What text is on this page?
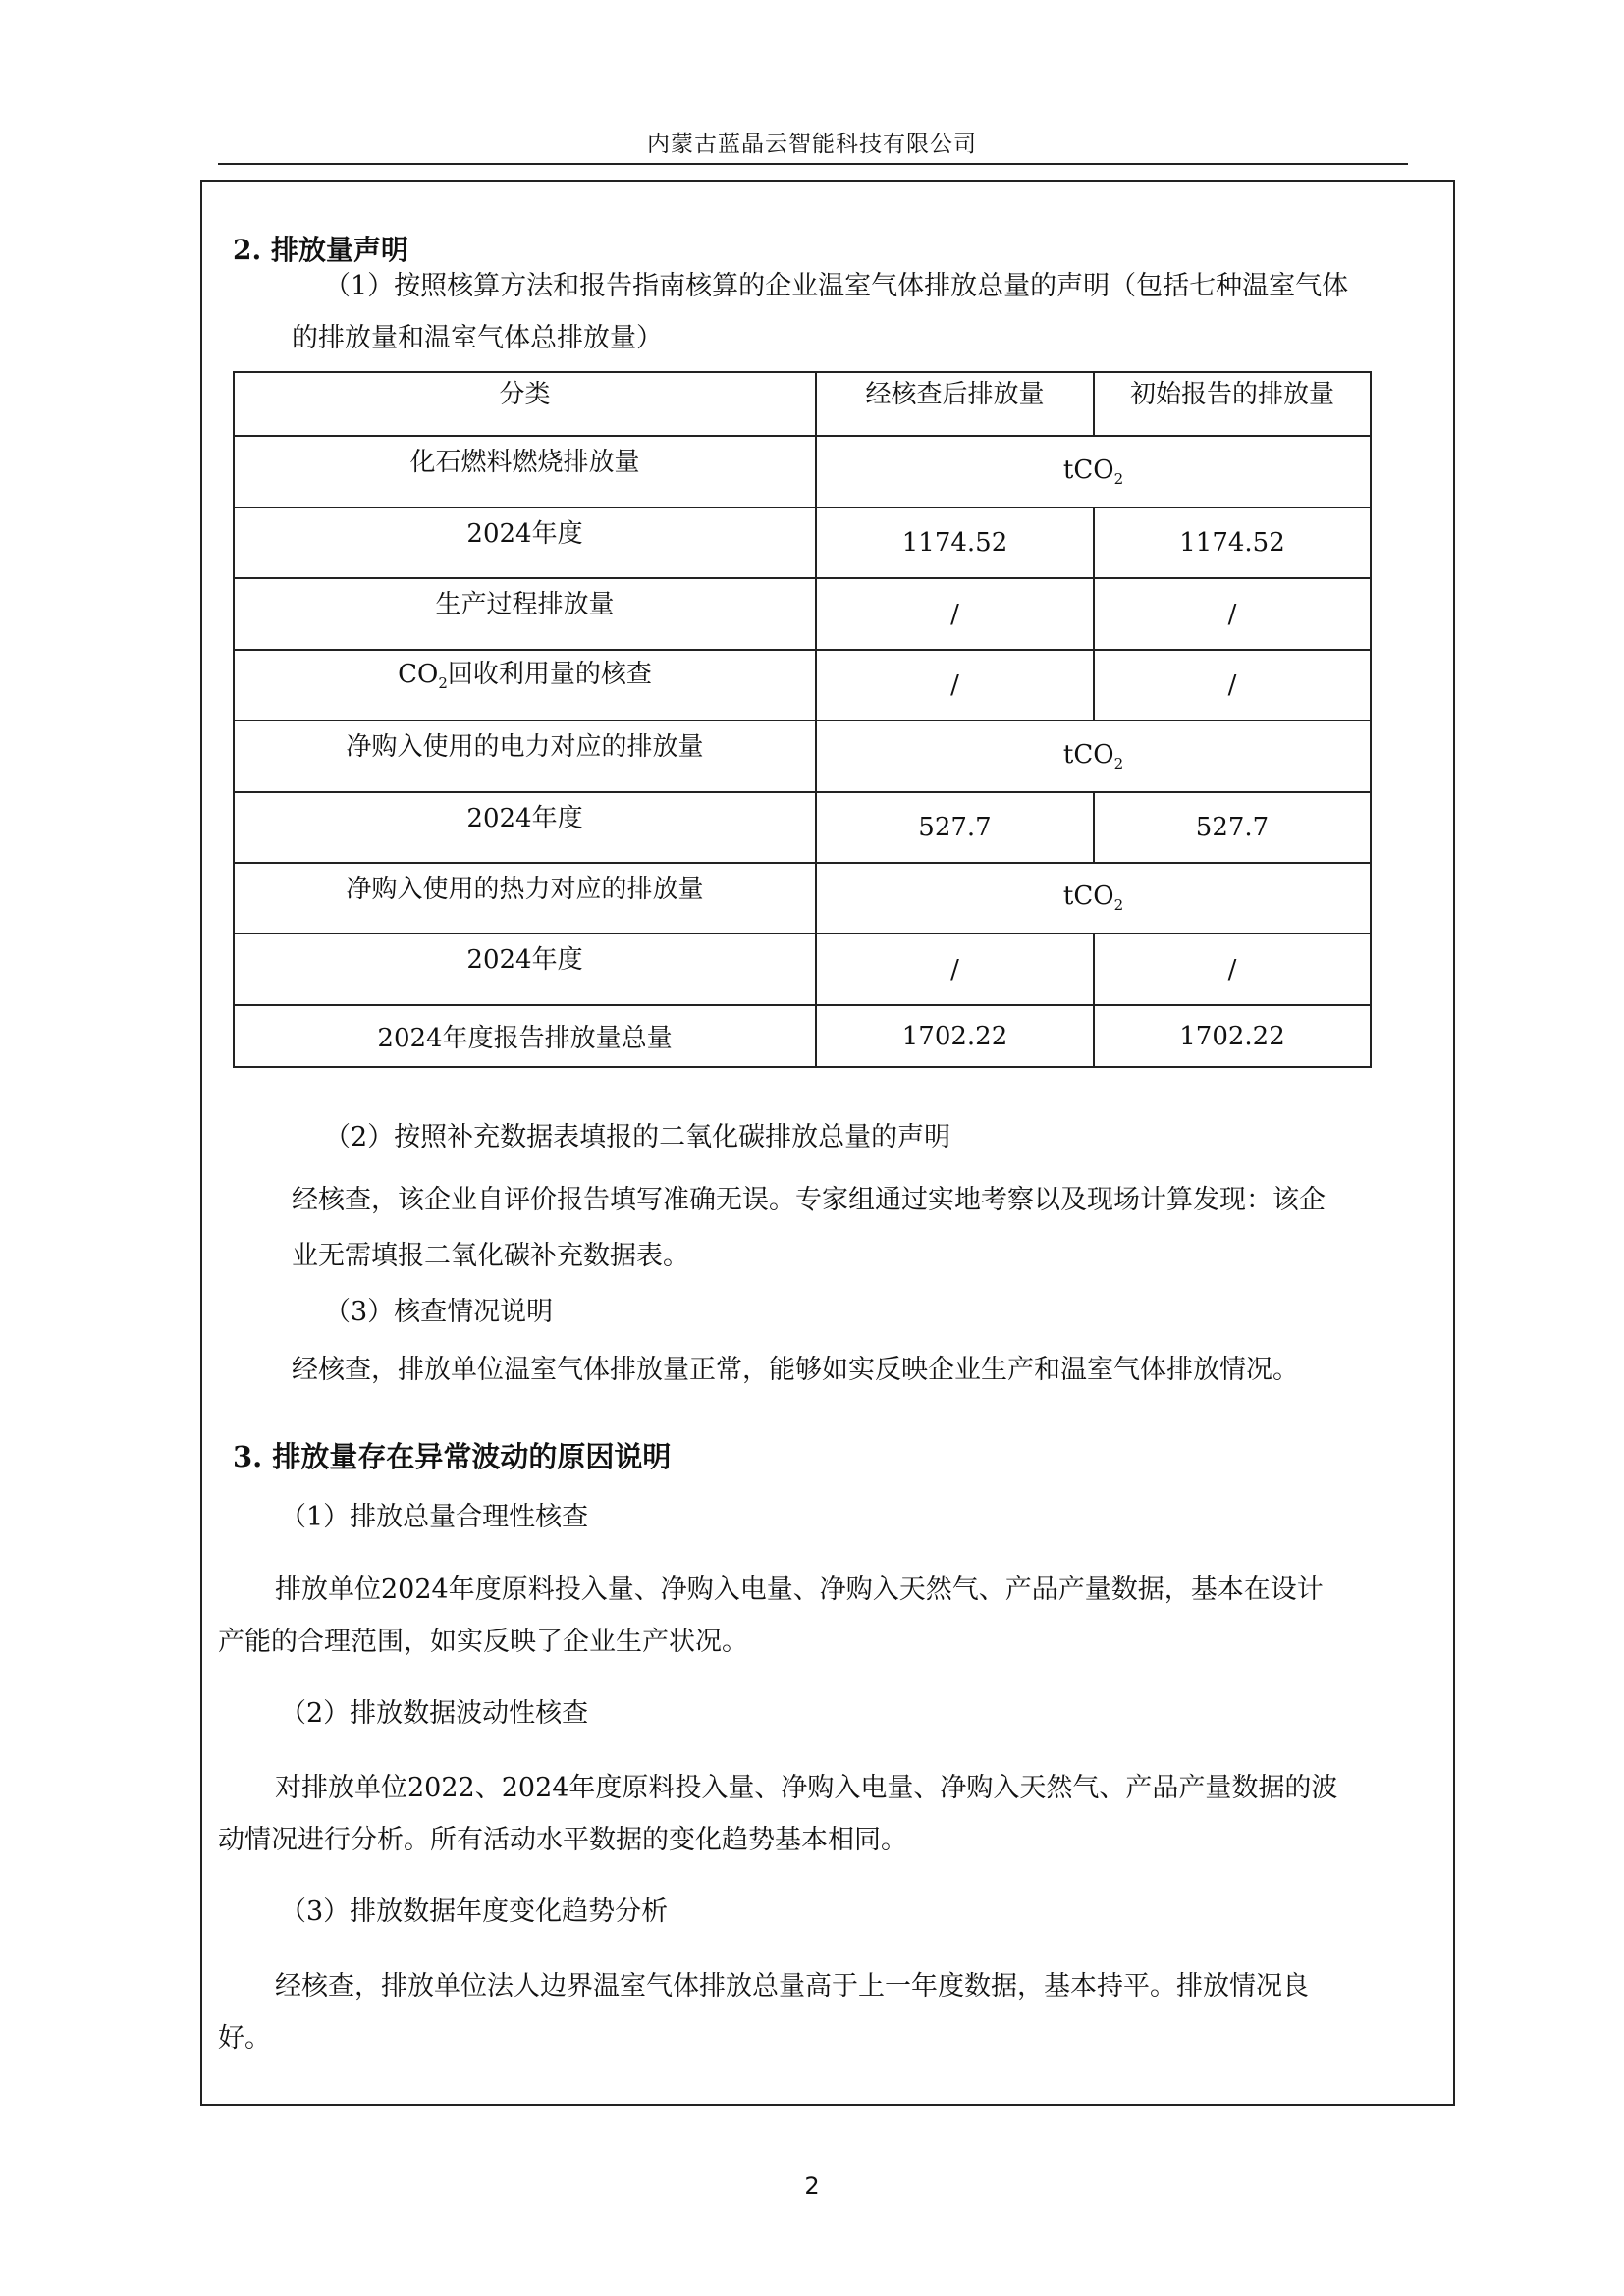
内蒙古蓝晶云智能科技有限公司
2. 排放量声明
（1）按照核算方法和报告指南核算的企业温室气体排放总量的声明（包括七种温室气体
的排放量和温室气体总排放量）
分类	经核查后排放量	初始报告的排放量

化石燃料燃烧排放量	tCO$_2$

2024年度	1174.52	1174.52

生产过程排放量	/	/

$CO_2$回收利用量的核查	/	/

净购入使用的电力对应的排放量	tCO$_2$

2024年度	527.7	527.7

净购入使用的热力对应的排放量	tCO$_2$

2024年度	/	/
2024年度报告排放量总量	1702.22	1702.22
（2）按照补充数据表填报的二氧化碳排放总量的声明
经核查，该企业自评价报告填写准确无误。专家组通过实地考察以及现场计算发现：该企
业无需填报二氧化碳补充数据表。
（3）核查情况说明
经核查，排放单位温室气体排放量正常，能够如实反映企业生产和温室气体排放情况。
3. 排放量存在异常波动的原因说明
（1）排放总量合理性核查
排放单位2024年度原料投入量、净购入电量、净购入天然气、产品产量数据，基本在设计
产能的合理范围，如实反映了企业生产状况。
（2）排放数据波动性核查
对排放单位2022、2024年度原料投入量、净购入电量、净购入天然气、产品产量数据的波
动情况进行分析。所有活动水平数据的变化趋势基本相同。
（3）排放数据年度变化趋势分析
经核查，排放单位法人边界温室气体排放总量高于上一年度数据，基本持平。排放情况良
好。
2
